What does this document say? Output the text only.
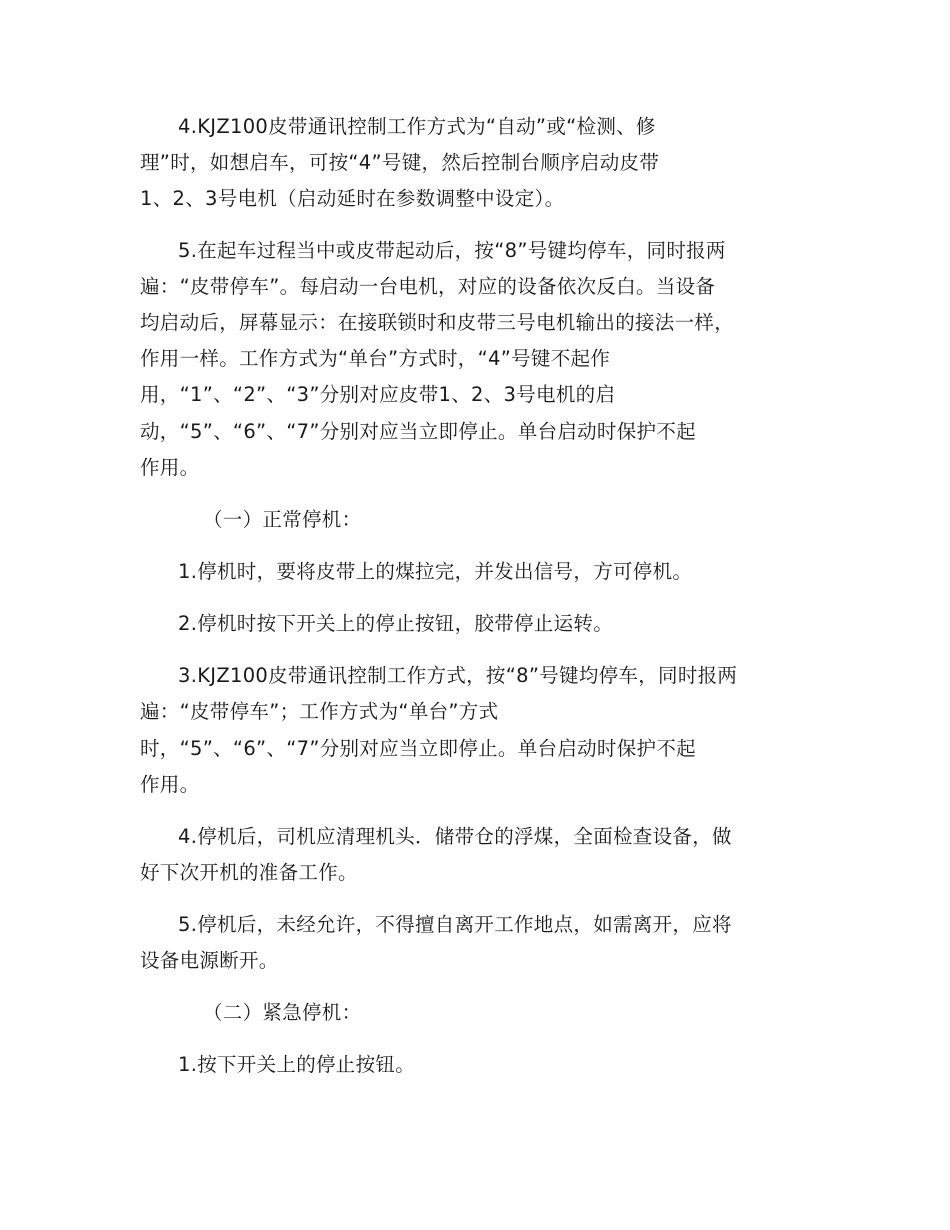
4.KJZ100皮带通讯控制工作方式为“自动”或“检测、修
理”时，如想启车，可按“4”号键，然后控制台顺序启动皮带
1、2、3号电机（启动延时在参数调整中设定）。
5.在起车过程当中或皮带起动后，按“8”号键均停车，同时报两
遍：“皮带停车”。每启动一台电机，对应的设备依次反白。当设备
均启动后，屏幕显示：在接联锁时和皮带三号电机输出的接法一样，
作用一样。工作方式为“单台”方式时，“4”号键不起作
用，“1”、“2”、“3”分别对应皮带1、2、3号电机的启
动，“5”、“6”、“7”分别对应当立即停止。单台启动时保护不起
作用。
（一）正常停机：
1.停机时，要将皮带上的煤拉完，并发出信号，方可停机。
2.停机时按下开关上的停止按钮，胶带停止运转。
3.KJZ100皮带通讯控制工作方式，按“8”号键均停车，同时报两
遍：“皮带停车”；工作方式为“单台”方式
时，“5”、“6”、“7”分别对应当立即停止。单台启动时保护不起
作用。
4.停机后，司机应清理机头．储带仓的浮煤，全面检查设备，做
好下次开机的准备工作。
5.停机后，未经允许，不得擅自离开工作地点，如需离开，应将
设备电源断开。
（二）紧急停机：
1.按下开关上的停止按钮。
